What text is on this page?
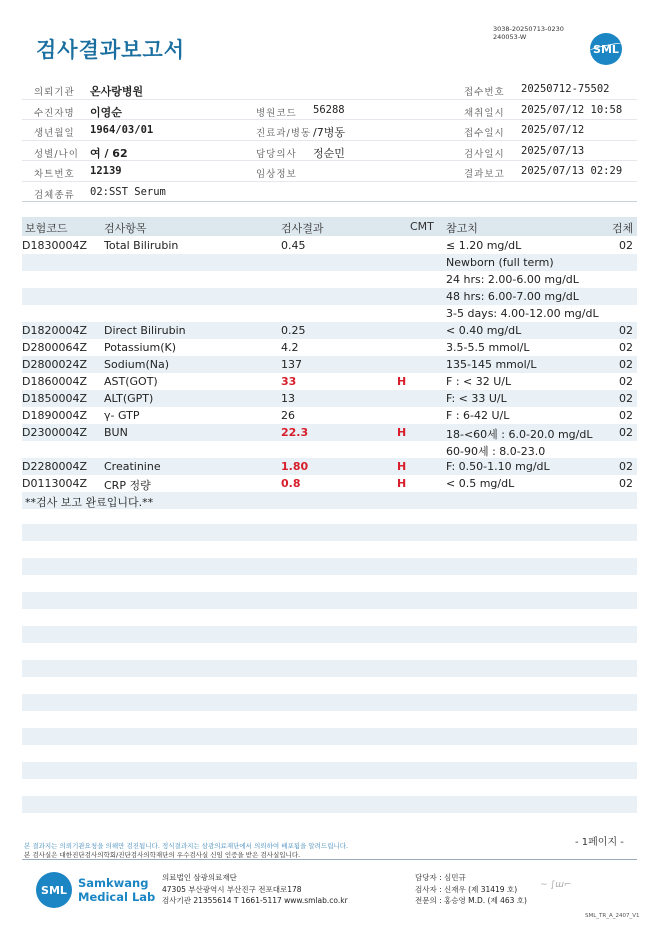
검사결과보고서
3038-20250713-0230
240053-W
SML
의뢰기관 온사랑병원	접수번호 20250712-75502
수진자명 이영순	병원코드 56288	채취일시 2025/07/12 10:58
생년월일 1964/03/01	진료과/병동 /7병동	접수일시 2025/07/12
성별/나이 여 / 62	담당의사 정순민	검사일시 2025/07/13
차트번호 12139	임상정보	결과보고 2025/07/13 02:29
검체종류 02:SST Serum
보험코드	검사항목	검사결과	CMT 참고치	검체
D1830004Z Total Bilirubin	0.45	≤ 1.20 mg/dL	02
Newborn (full term)
24 hrs: 2.00-6.00 mg/dL
48 hrs: 6.00-7.00 mg/dL
3-5 days: 4.00-12.00 mg/dL
D1820004Z Direct Bilirubin	0.25	< 0.40 mg/dL	02
D2800064Z Potassium(K)	4.2	3.5-5.5 mmol/L	02
D2800024Z Sodium(Na)	137	135-145 mmol/L	02
D1860004Z AST(GOT)	33	H	F : < 32 U/L	02
D1850004Z ALT(GPT)	13	F: < 33 U/L	02
D1890004Z γ- GTP	26	F : 6-42 U/L	02
D2300004Z BUN	22.3	H	18-<60세 : 6.0-20.0 mg/dL 02
60-90세 : 8.0-23.0
D2280004Z Creatinine	1.80	H	F: 0.50-1.10 mg/dL	02
D0113004Z CRP 정량	0.8	H	< 0.5 mg/dL	02
**검사 보고 완료입니다.**
- 1페이지 -
본 결과지는 의뢰기관요청을 의해만 검진됩니다. 정식결과지는 삼광의료재단에서 의뢰하여 배포됨을 알려드립니다.
본 검사실은 대한진단검사의학회/진단검사의학재단의 우수검사실 신임 인증을 받은 검사실입니다.
SML Samkwang
Medical Lab
의료법인 삼광의료재단
47305 부산광역시 부산진구 전포대로178
검사기관 21355614 T 1661-5117 www.smlab.co.kr
담당자 : 심민규
검사자 : 신재우 (제 31419 호)
전문의 : 홍승영 M.D. (제 463 호)
~ ∫ɯ⌐
SML_TR_A_2407_V1
